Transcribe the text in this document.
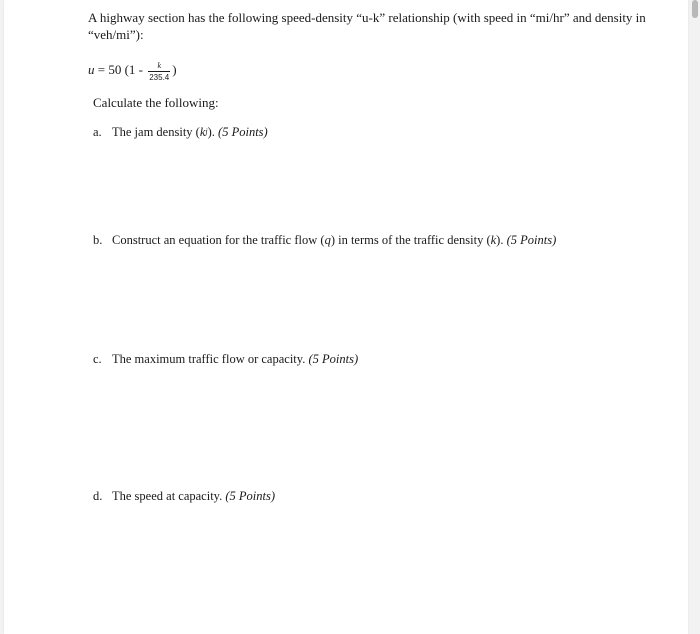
A highway section has the following speed-density “u-k” relationship (with speed in “mi/hr” and density in “veh/mi”):
u = 50 ($1 - \frac{k}{235.4}$ )
Calculate the following:
a. The jam density ( k j ). (5 Points)
b. Construct an equation for the traffic flow ( q ) in terms of the traffic density ( k ). (5 Points)
c. The maximum traffic flow or capacity. (5 Points)
d. The speed at capacity. (5 Points)
